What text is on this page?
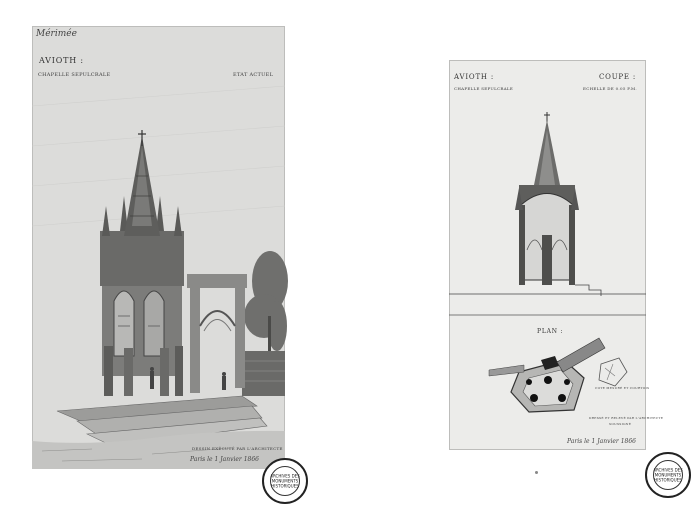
Mérimée
AVIOTH :
CHAPELLE SEPULCRALE	ETAT ACTUEL
DESSIN EXÉCUTÉ PAR L'ARCHITECTE
Paris le 1 Janvier 1866
ARCHIVES DES MONUMENTS HISTORIQUES
AVIOTH :	COUPE :
CHAPELLE SEPULCRALE	ECHELLE DE 0.05 P.M.
PLAN :
COTE MESURÉ ET COURTOIS
DRESSÉ ET RELEVÉ PAR L'ARCHITECTE
SOUSSIGNÉ
Paris le 1 Janvier 1866
ARCHIVES DES MONUMENTS HISTORIQUES
